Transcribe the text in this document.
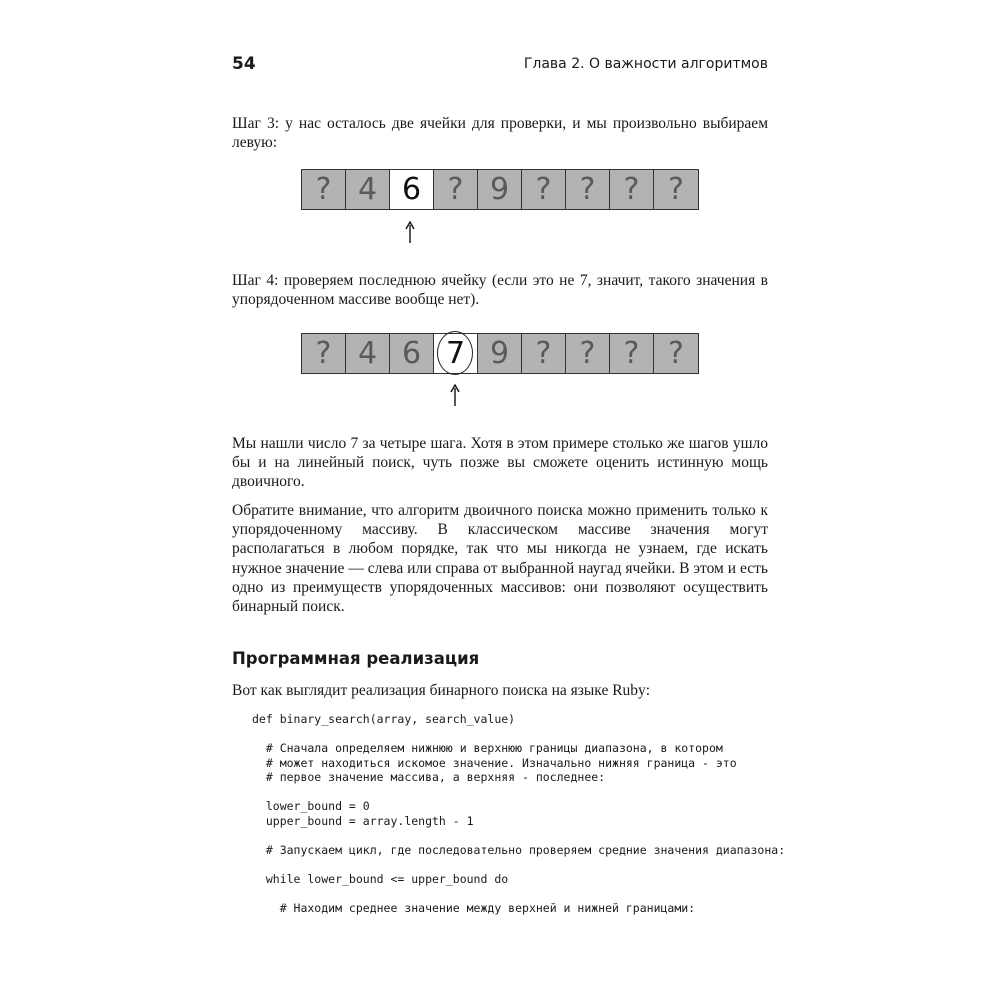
54	Глава 2. О важности алгоритмов

Шаг 3: у нас осталось две ячейки для проверки, и мы произвольно выбираем левую:

? 4 6 ? 9 ? ? ? ?

Шаг 4: проверяем последнюю ячейку (если это не 7, значит, такого значения в упорядоченном массиве вообще нет).

? 4 6 7 9 ? ? ? ?

Мы нашли число 7 за четыре шага. Хотя в этом примере столько же шагов ушло бы и на линейный поиск, чуть позже вы сможете оценить истинную мощь двоичного.

Обратите внимание, что алгоритм двоичного поиска можно применить только к упорядоченному массиву. В классическом массиве значения могут располагаться в любом порядке, так что мы никогда не узнаем, где искать нужное значение — слева или справа от выбранной наугад ячейки. В этом и есть одно из преимуществ упорядоченных массивов: они позволяют осуществить бинарный поиск.

Программная реализация

Вот как выглядит реализация бинарного поиска на языке Ruby:

def binary_search(array, search_value)
# Сначала определяем нижнюю и верхнюю границы диапазона, в котором
# может находиться искомое значение. Изначально нижняя граница - это
# первое значение массива, а верхняя - последнее:
lower_bound = 0
upper_bound = array.length - 1
# Запускаем цикл, где последовательно проверяем средние значения диапазона:
while lower_bound <= upper_bound do
# Находим среднее значение между верхней и нижней границами:
